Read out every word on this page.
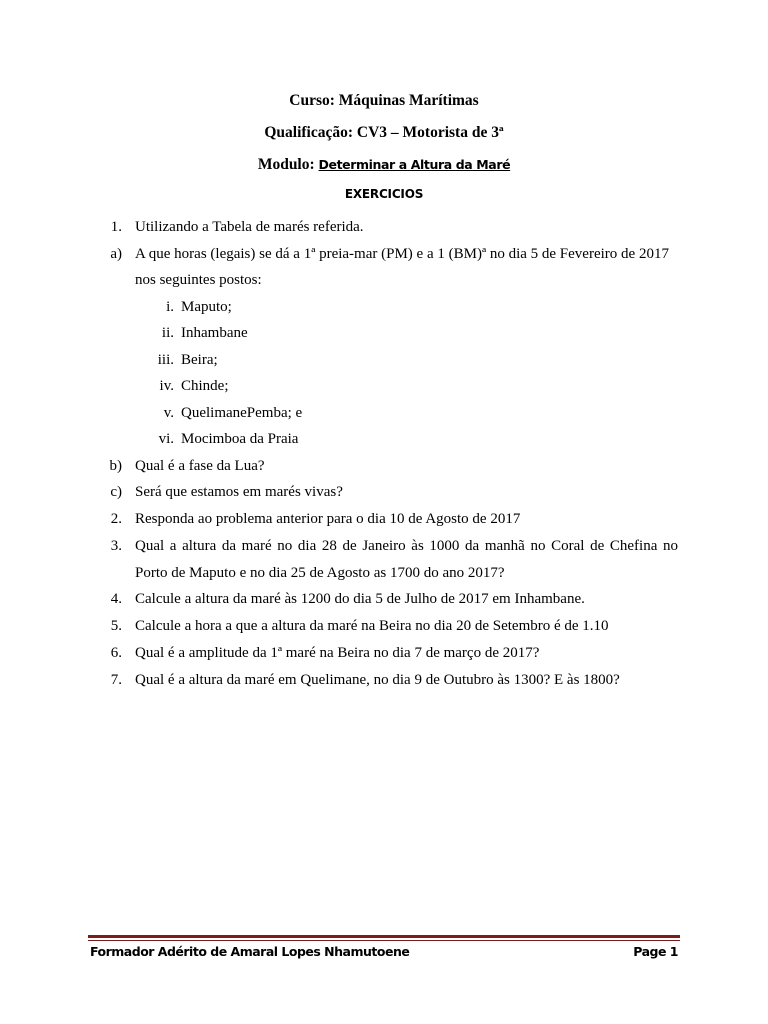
Curso: Máquinas Marítimas
Qualificação: CV3 – Motorista de 3ª
Modulo: Determinar a Altura da Maré
EXERCICIOS
1. Utilizando a Tabela de marés referida.
a) A que horas (legais) se dá a 1ª preia-mar (PM) e a 1 (BM)ª no dia 5 de Fevereiro de 2017
nos seguintes postos:
i. Maputo;
ii. Inhambane
iii. Beira;
iv. Chinde;
v. QuelimanePemba; e
vi. Mocimboa da Praia
b) Qual é a fase da Lua?
c) Será que estamos em marés vivas?
2. Responda ao problema anterior para o dia 10 de Agosto de 2017
3. Qual a altura da maré no dia 28 de Janeiro às 1000 da manhã no Coral de Chefina no
Porto de Maputo e no dia 25 de Agosto as 1700 do ano 2017?
4. Calcule a altura da maré às 1200 do dia 5 de Julho de 2017 em Inhambane.
5. Calcule a hora a que a altura da maré na Beira no dia 20 de Setembro é de 1.10
6. Qual é a amplitude da 1ª maré na Beira no dia 7 de março de 2017?
7. Qual é a altura da maré em Quelimane, no dia 9 de Outubro às 1300? E às 1800?
Formador Adérito de Amaral Lopes Nhamutoene	Page 1
